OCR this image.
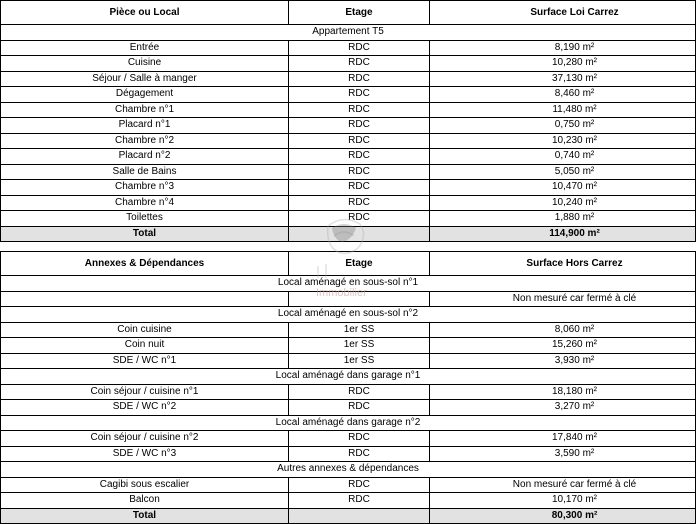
Pièce ou Local	Etage	Surface Loi Carrez
Appartement T5		
Entrée	RDC	8,190 m²
Cuisine	RDC	10,280 m²
Séjour / Salle à manger	RDC	37,130 m²
Dégagement	RDC	8,460 m²
Chambre n°1	RDC	11,480 m²
Placard n°1	RDC	0,750 m²
Chambre n°2	RDC	10,230 m²
Placard n°2	RDC	0,740 m²
Salle de Bains	RDC	5,050 m²
Chambre n°3	RDC	10,470 m²
Chambre n°4	RDC	10,240 m²
Toilettes	RDC	1,880 m²
Total		114,900 m²
Annexes & Dépendances	Etage	Surface Hors Carrez
Local aménagé en sous-sol n°1		
		Non mesuré car fermé à clé
Local aménagé en sous-sol n°2		
Coin cuisine	1er SS	8,060 m²
Coin nuit	1er SS	15,260 m²
SDE / WC n°1	1er SS	3,930 m²
Local aménagé dans garage n°1		
Coin séjour / cuisine n°1	RDC	18,180 m²
SDE / WC n°2	RDC	3,270 m²
Local aménagé dans garage n°2		
Coin séjour / cuisine n°2	RDC	17,840 m²
SDE / WC n°3	RDC	3,590 m²
Autres annexes & dépendances		
Cagibi sous escalier	RDC	Non mesuré car fermé à clé
Balcon	RDC	10,170 m²
Total		80,300 m²
Immobilier
